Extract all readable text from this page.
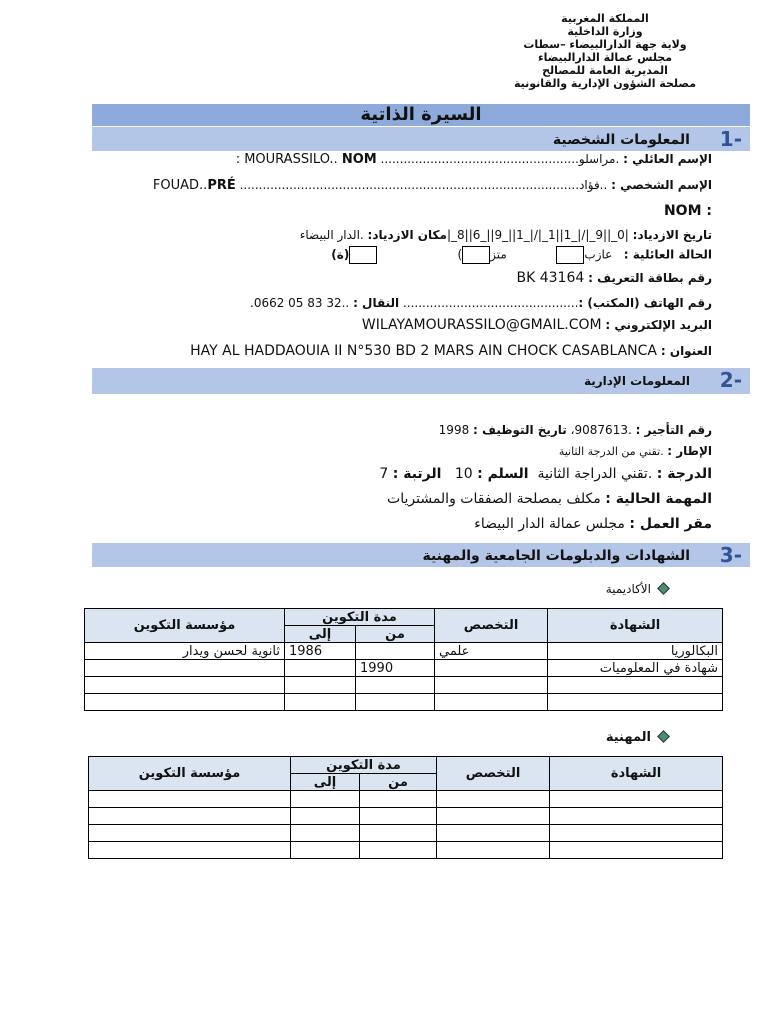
المملكة المغربية
وزارة الداخلية
ولاية جهة الدارالبيضاء –سطات
مجلس عمالة الدارالبيضاء
المديرية العامة للمصالح
مصلحة الشؤون الإدارية والقانونية
السيرة الذاتية
1-
المعلومات الشخصية
الإسم العائلي : .مراسلو.................................................... : MOURASSILO.. NOM
الإسم الشخصي : ..فؤاد.........................................................................................   FOUAD..PRÉ
: NOM
تاريخ الازدياد: |_8||6_||9_||1_|/|_1||1_|/|_9||_0|مكان الازدياد: .الدار البيضاء
الحالة العائلية :   عازب             متز)                     (ة)
رقم بطاقة التعريف : BK 43164
رقم الهاتف (المكتب) :.............................................. النقال : .0662 05 83 32..
البريد الإلكتروني : WILAYAMOURASSILO@GMAIL.COM
العنوان : HAY AL HADDAOUIA II N°530 BD 2 MARS AIN CHOCK CASABLANCA
2-
المعلومات الإدارية
رقم التأجير : .9087613، تاريخ التوظيف : 1998
الإطار : .تقني من الدرجة الثانية
الدرجة : .تقني الدراجة الثانية  السلم : 10   الرتبة : 7
المهمة الحالية : مكلف بمصلحة الصفقات والمشتريات
مقر العمل : مجلس عمالة الدار البيضاء
3-
الشهادات والدبلومات الجامعية والمهنية
الأكاديمية
الشهادة	التخصص	مدة التكوين		مؤسسة التكوين
		من	إلى	
البكالوريا	علمي		1986	ثانوية لحسن ويدار
شهادة في المعلوميات		1990		

المهنية
الشهادة	التخصص	مدة التكوين		مؤسسة التكوين
		من	إلى	
